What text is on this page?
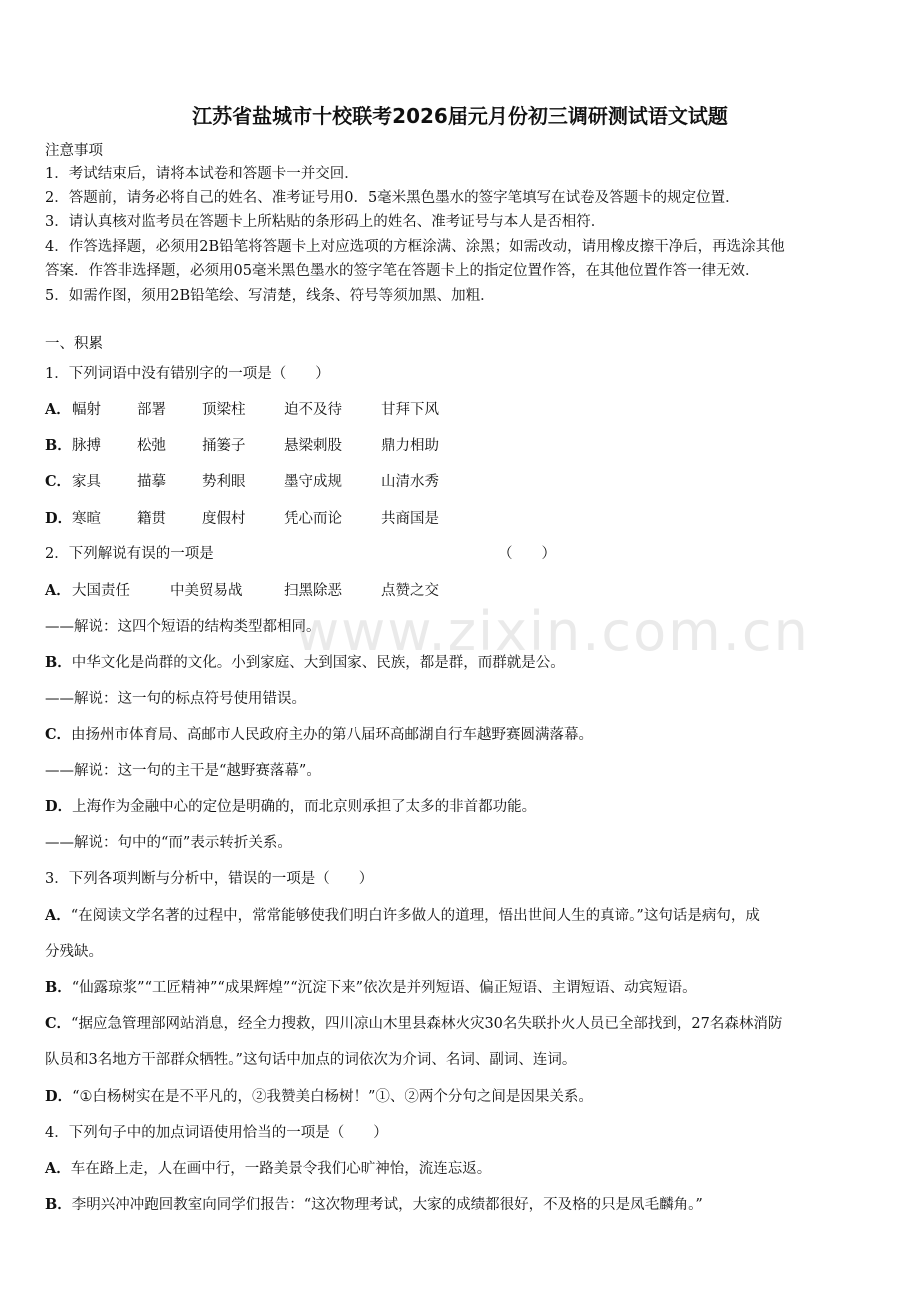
江苏省盐城市十校联考2026届元月份初三调研测试语文试题
注意事项
1．考试结束后，请将本试卷和答题卡一并交回．
2．答题前，请务必将自己的姓名、准考证号用0．5毫米黑色墨水的签字笔填写在试卷及答题卡的规定位置．
3．请认真核对监考员在答题卡上所粘贴的条形码上的姓名、准考证号与本人是否相符．
4．作答选择题，必须用2B铅笔将答题卡上对应选项的方框涂满、涂黑；如需改动，请用橡皮擦干净后，再选涂其他
答案．作答非选择题，必须用05毫米黑色墨水的签字笔在答题卡上的指定位置作答，在其他位置作答一律无效．
5．如需作图，须用2B铅笔绘、写清楚，线条、符号等须加黑、加粗．
一、积累
1．下列词语中没有错别字的一项是（　　）
A． 幅射 部署 顶梁柱	迫不及待	甘拜下风
B． 脉搏 松弛 捅篓子	悬梁刺股	鼎力相助
C． 家具 描摹 势利眼	墨守成规	山清水秀
D． 寒暄 籍贯 度假村	凭心而论	共商国是
2．下列解说有误的一项是	（　　）
A． 大国责任	中美贸易战	扫黑除恶	点赞之交
——解说：这四个短语的结构类型都相同。
B．中华文化是尚群的文化。小到家庭、大到国家、民族，都是群，而群就是公。
——解说：这一句的标点符号使用错误。
C．由扬州市体育局、高邮市人民政府主办的第八届环高邮湖自行车越野赛圆满落幕。
——解说：这一句的主干是“越野赛落幕”。
D．上海作为金融中心的定位是明确的，而北京则承担了太多的非首都功能。
——解说：句中的“而”表示转折关系。
3．下列各项判断与分析中，错误的一项是（　　）
A．“在阅读文学名著的过程中，常常能够使我们明白许多做人的道理，悟出世间人生的真谛。”这句话是病句，成
分残缺。
B．“仙露琼浆”“工匠精神”“成果辉煌”“沉淀下来”依次是并列短语、偏正短语、主谓短语、动宾短语。
C．“据应急管理部网站消息，经全力搜救，四川凉山木里县森林火灾30名失联扑火人员已全部找到，27名森林消防
队员和3名地方干部群众牺牲。”这句话中加点的词依次为介词、名词、副词、连词。
D．“①白杨树实在是不平凡的，②我赞美白杨树！”①、②两个分句之间是因果关系。
4．下列句子中的加点词语使用恰当的一项是（　　）
A．车在路上走，人在画中行，一路美景令我们心旷神怡，流连忘返。
B．李明兴冲冲跑回教室向同学们报告：“这次物理考试，大家的成绩都很好，不及格的只是凤毛麟角。”
www.zixin.com.cn
